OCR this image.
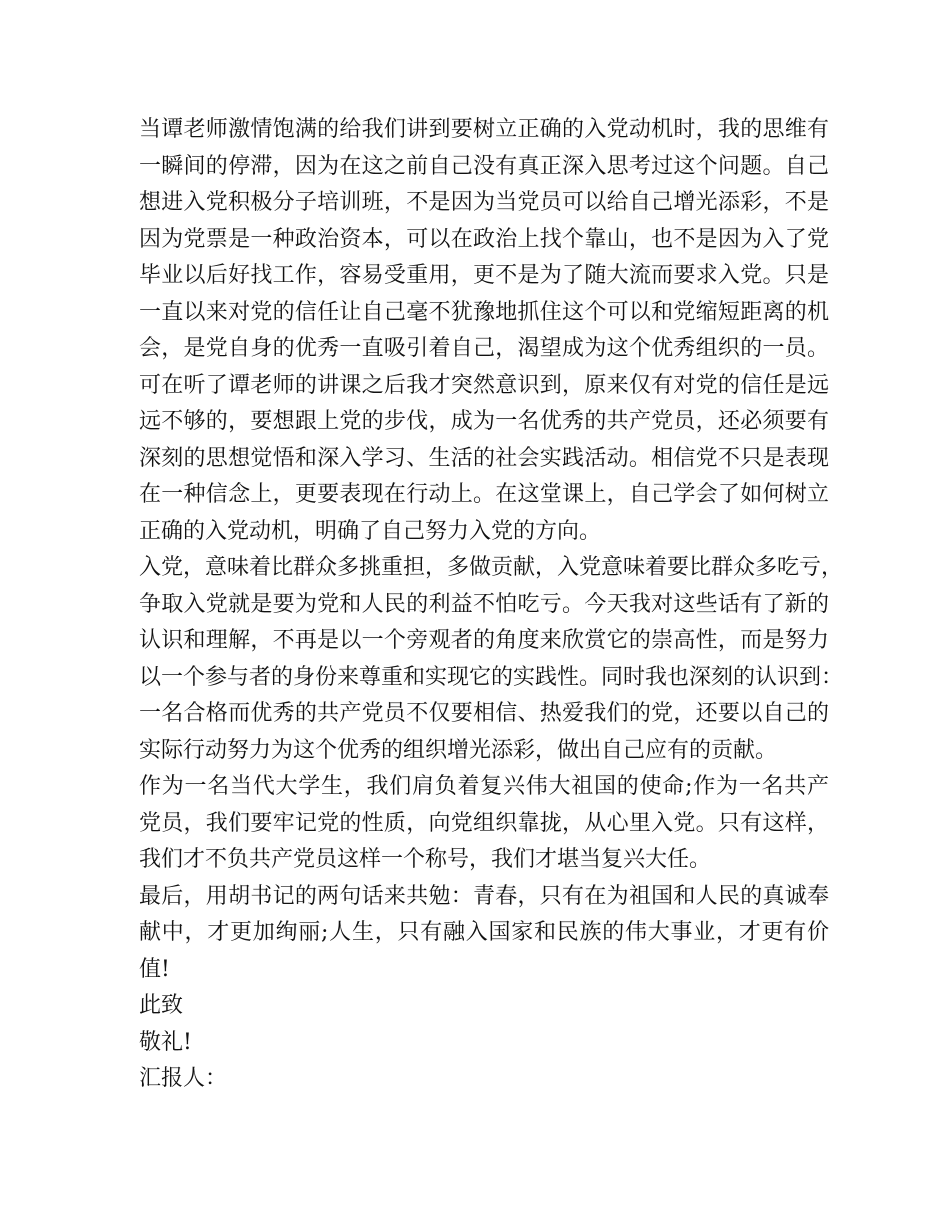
当谭老师激情饱满的给我们讲到要树立正确的入党动机时，我的思维有
一瞬间的停滞，因为在这之前自己没有真正深入思考过这个问题。自己
想进入党积极分子培训班，不是因为当党员可以给自己增光添彩，不是
因为党票是一种政治资本，可以在政治上找个靠山，也不是因为入了党
毕业以后好找工作，容易受重用，更不是为了随大流而要求入党。只是
一直以来对党的信任让自己毫不犹豫地抓住这个可以和党缩短距离的机
会，是党自身的优秀一直吸引着自己，渴望成为这个优秀组织的一员。
可在听了谭老师的讲课之后我才突然意识到，原来仅有对党的信任是远
远不够的，要想跟上党的步伐，成为一名优秀的共产党员，还必须要有
深刻的思想觉悟和深入学习、生活的社会实践活动。相信党不只是表现
在一种信念上，更要表现在行动上。在这堂课上，自己学会了如何树立
正确的入党动机，明确了自己努力入党的方向。
入党，意味着比群众多挑重担，多做贡献，入党意味着要比群众多吃亏，
争取入党就是要为党和人民的利益不怕吃亏。今天我对这些话有了新的
认识和理解，不再是以一个旁观者的角度来欣赏它的崇高性，而是努力
以一个参与者的身份来尊重和实现它的实践性。同时我也深刻的认识到：
一名合格而优秀的共产党员不仅要相信、热爱我们的党，还要以自己的
实际行动努力为这个优秀的组织增光添彩，做出自己应有的贡献。
作为一名当代大学生，我们肩负着复兴伟大祖国的使命;作为一名共产
党员，我们要牢记党的性质，向党组织靠拢，从心里入党。只有这样，
我们才不负共产党员这样一个称号，我们才堪当复兴大任。
最后，用胡书记的两句话来共勉：青春，只有在为祖国和人民的真诚奉
献中，才更加绚丽;人生，只有融入国家和民族的伟大事业，才更有价
值!
此致
敬礼!
汇报人：
